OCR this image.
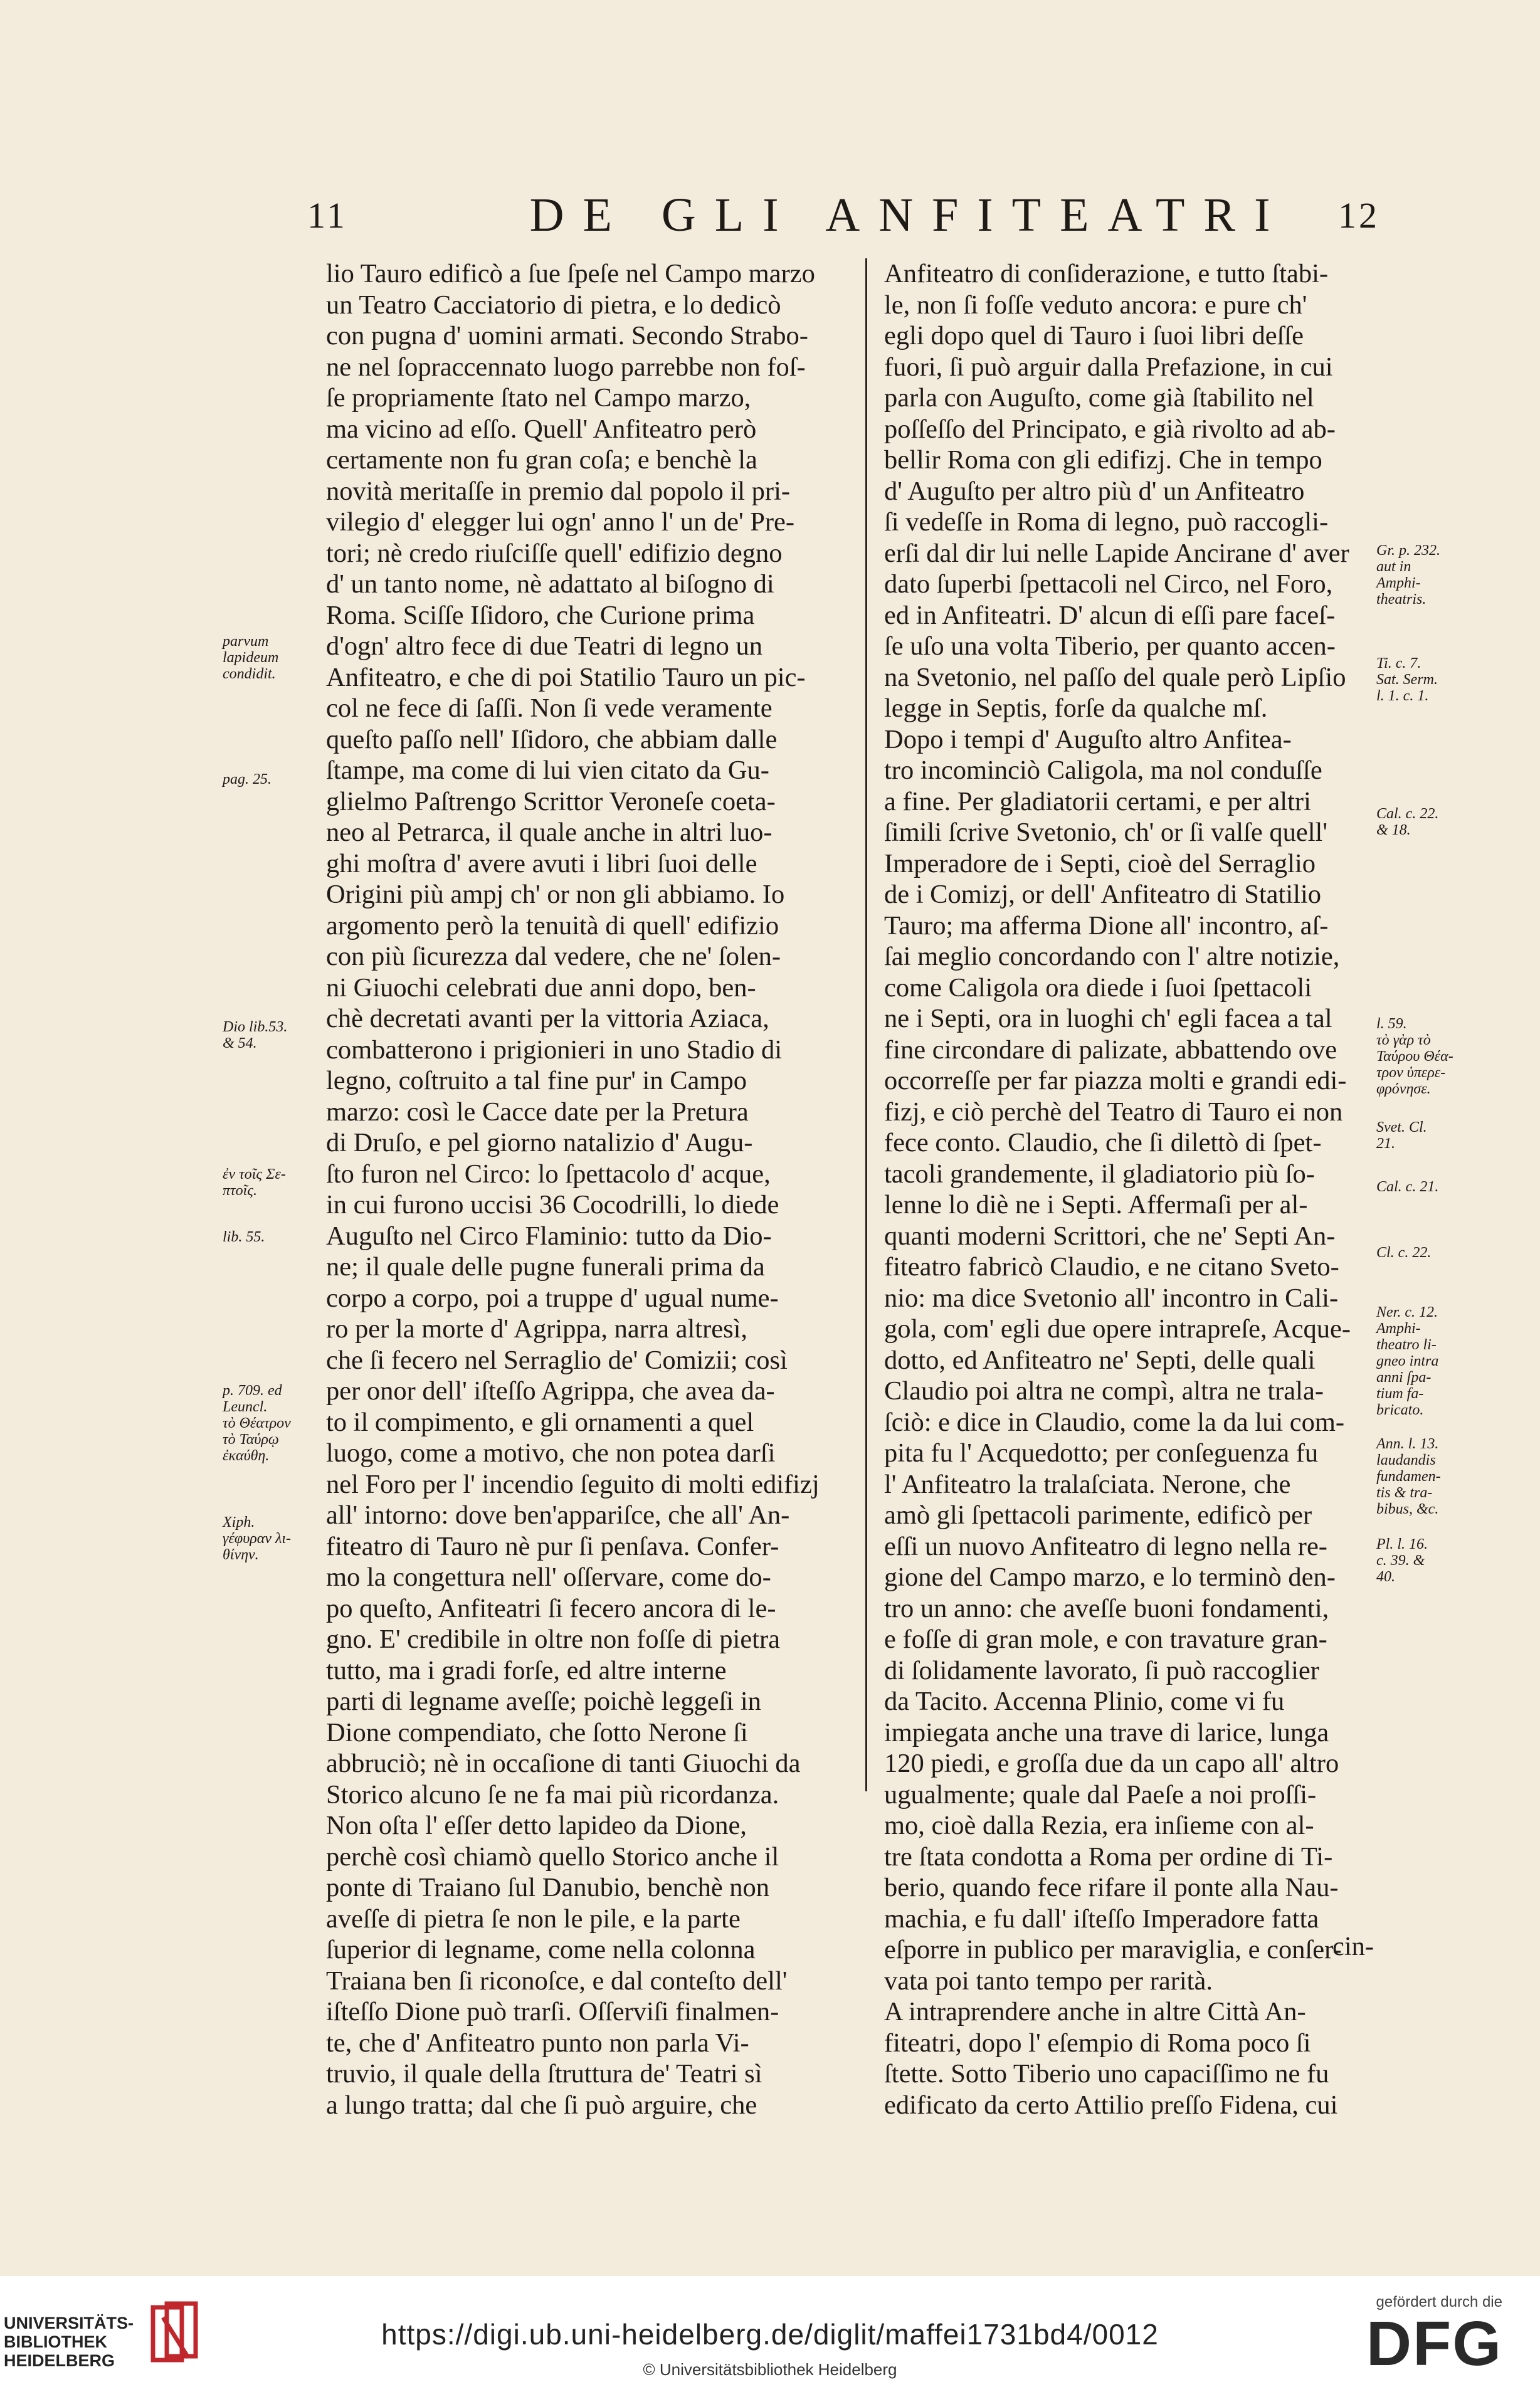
11	DE GLI ANFITEATRI	12
lio Tauro edificò a ſue ſpeſe nel Campo marzo
un Teatro Cacciatorio di pietra, e lo dedicò
con pugna d' uomini armati. Secondo Strabo-
ne nel ſopraccennato luogo parrebbe non foſ-
ſe propriamente ſtato nel Campo marzo,
ma vicino ad eſſo. Quell' Anfiteatro però
certamente non fu gran coſa; e benchè la
novità meritaſſe in premio dal popolo il pri-
vilegio d' elegger lui ogn' anno l' un de' Pre-
tori; nè credo riuſciſſe quell' edifizio degno
d' un tanto nome, nè adattato al biſogno di
Roma. Sciſſe Iſidoro, che Curione prima
d'ogn' altro fece di due Teatri di legno un
Anfiteatro, e che di poi Statilio Tauro un pic-
col ne fece di ſaſſi. Non ſi vede veramente
queſto paſſo nell' Iſidoro, che abbiam dalle
ſtampe, ma come di lui vien citato da Gu-
glielmo Paſtrengo Scrittor Veroneſe coeta-
neo al Petrarca, il quale anche in altri luo-
ghi moſtra d' avere avuti i libri ſuoi delle
Origini più ampj ch' or non gli abbiamo. Io
argomento però la tenuità di quell' edifizio
con più ſicurezza dal vedere, che ne' ſolen-
ni Giuochi celebrati due anni dopo, ben-
chè decretati avanti per la vittoria Aziaca,
combatterono i prigionieri in uno Stadio di
legno, coſtruito a tal fine pur' in Campo
marzo: così le Cacce date per la Pretura
di Druſo, e pel giorno natalizio d' Augu-
ſto furon nel Circo: lo ſpettacolo d' acque,
in cui furono uccisi 36 Cocodrilli, lo diede
Auguſto nel Circo Flaminio: tutto da Dio-
ne; il quale delle pugne funerali prima da
corpo a corpo, poi a truppe d' ugual nume-
ro per la morte d' Agrippa, narra altresì,
che ſi fecero nel Serraglio de' Comizii; così
per onor dell' iſteſſo Agrippa, che avea da-
to il compimento, e gli ornamenti a quel
luogo, come a motivo, che non potea darſi
nel Foro per l' incendio ſeguito di molti edifizj
all' intorno: dove ben'appariſce, che all' An-
fiteatro di Tauro nè pur ſi penſava. Confer-
mo la congettura nell' oſſervare, come do-
po queſto, Anfiteatri ſi fecero ancora di le-
gno. E' credibile in oltre non foſſe di pietra
tutto, ma i gradi forſe, ed altre interne
parti di legname aveſſe; poichè leggeſi in
Dione compendiato, che ſotto Nerone ſi
abbruciò; nè in occaſione di tanti Giuochi da
Storico alcuno ſe ne fa mai più ricordanza.
Non oſta l' eſſer detto lapideo da Dione,
perchè così chiamò quello Storico anche il
ponte di Traiano ſul Danubio, benchè non
aveſſe di pietra ſe non le pile, e la parte
ſuperior di legname, come nella colonna
Traiana ben ſi riconoſce, e dal conteſto dell'
iſteſſo Dione può trarſi. Oſſerviſi finalmen-
te, che d' Anfiteatro punto non parla Vi-
truvio, il quale della ſtruttura de' Teatri sì
a lungo tratta; dal che ſi può arguire, che
Anfiteatro di conſiderazione, e tutto ſtabi-
le, non ſi foſſe veduto ancora: e pure ch'
egli dopo quel di Tauro i ſuoi libri deſſe
fuori, ſi può arguir dalla Prefazione, in cui
parla con Auguſto, come già ſtabilito nel
poſſeſſo del Principato, e già rivolto ad ab-
bellir Roma con gli edifizj. Che in tempo
d' Auguſto per altro più d' un Anfiteatro
ſi vedeſſe in Roma di legno, può raccogli-
erſi dal dir lui nelle Lapide Ancirane d' aver
dato ſuperbi ſpettacoli nel Circo, nel Foro,
ed in Anfiteatri. D' alcun di eſſi pare faceſ-
ſe uſo una volta Tiberio, per quanto accen-
na Svetonio, nel paſſo del quale però Lipſio
legge in Septis, forſe da qualche mſ.
Dopo i tempi d' Auguſto altro Anfitea-
tro incominciò Caligola, ma nol conduſſe
a fine. Per gladiatorii certami, e per altri
ſimili ſcrive Svetonio, ch' or ſi valſe quell'
Imperadore de i Septi, cioè del Serraglio
de i Comizj, or dell' Anfiteatro di Statilio
Tauro; ma afferma Dione all' incontro, aſ-
ſai meglio concordando con l' altre notizie,
come Caligola ora diede i ſuoi ſpettacoli
ne i Septi, ora in luoghi ch' egli facea a tal
fine circondare di palizate, abbattendo ove
occorreſſe per far piazza molti e grandi edi-
fizj, e ciò perchè del Teatro di Tauro ei non
fece conto. Claudio, che ſi dilettò di ſpet-
tacoli grandemente, il gladiatorio più ſo-
lenne lo diè ne i Septi. Affermaſi per al-
quanti moderni Scrittori, che ne' Septi An-
fiteatro fabricò Claudio, e ne citano Sveto-
nio: ma dice Svetonio all' incontro in Cali-
gola, com' egli due opere intrapreſe, Acque-
dotto, ed Anfiteatro ne' Septi, delle quali
Claudio poi altra ne compì, altra ne trala-
ſciò: e dice in Claudio, come la da lui com-
pita fu l' Acquedotto; per conſeguenza fu
l' Anfiteatro la tralaſciata. Nerone, che
amò gli ſpettacoli parimente, edificò per
eſſi un nuovo Anfiteatro di legno nella re-
gione del Campo marzo, e lo terminò den-
tro un anno: che aveſſe buoni fondamenti,
e foſſe di gran mole, e con travature gran-
di ſolidamente lavorato, ſi può raccoglier
da Tacito. Accenna Plinio, come vi fu
impiegata anche una trave di larice, lunga
120 piedi, e groſſa due da un capo all' altro
ugualmente; quale dal Paeſe a noi proſſi-
mo, cioè dalla Rezia, era inſieme con al-
tre ſtata condotta a Roma per ordine di Ti-
berio, quando fece rifare il ponte alla Nau-
machia, e fu dall' iſteſſo Imperadore fatta
eſporre in publico per maraviglia, e conſer-
vata poi tanto tempo per rarità.
A intraprendere anche in altre Città An-
fiteatri, dopo l' eſempio di Roma poco ſi
ſtette. Sotto Tiberio uno capaciſſimo ne fu
edificato da certo Attilio preſſo Fidena, cui
parvum
lapideum
condidit.
pag. 25.
Dio lib.53.
& 54.
ἐν τοῖς Σε-
πτοῖς.
lib. 55.
p. 709. ed
Leuncl.
τὸ Θέατρον
τὸ Ταύρῳ
ἐκαύθη.
Xiph.
γέφυραν λι-
θίνην.
Gr. p. 232.
aut in
Amphi-
theatris.
Ti. c. 7.
Sat. Serm.
l. 1. c. 1.
Cal. c. 22.
& 18.
l. 59.
τὸ γὰρ τὸ
Ταύρου Θέα-
τρον ὑπερε-
φρόνησε.
Svet. Cl.
21.
Cal. c. 21.
Cl. c. 22.
Ner. c. 12.
Amphi-
theatro li-
gneo intra
anni ſpa-
tium fa-
bricato.
Ann. l. 13.
laudandis
fundamen-
tis & tra-
bibus, &c.
Pl. l. 16.
c. 39. &
40.
cin-
UNIVERSITÄTS-
BIBLIOTHEK
HEIDELBERG
https://digi.ub.uni-heidelberg.de/diglit/maffei1731bd4/0012
© Universitätsbibliothek Heidelberg
gefördert durch die
DFG
